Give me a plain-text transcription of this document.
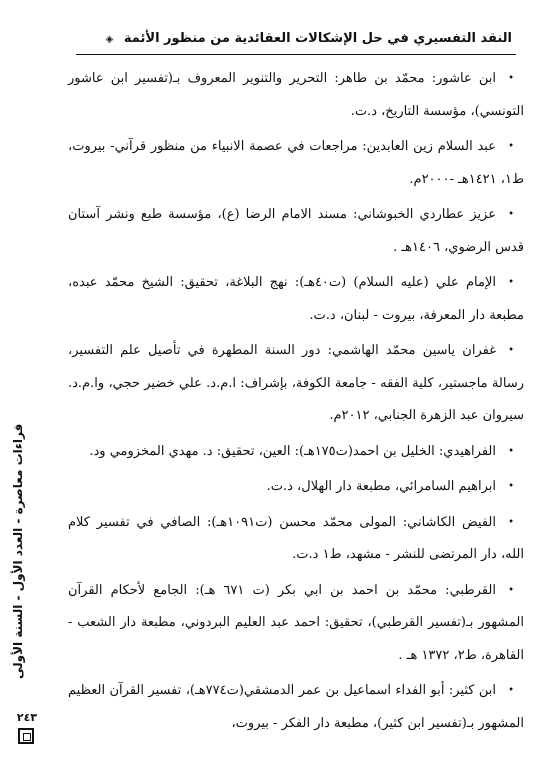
النقد التفسيري في حل الإشكالات العقائدية من منظور الأئمة ◈
•ابن عاشور: محمّد بن طاهر: التحرير والتنوير المعروف بـ(تفسير ابن عاشور التونسي)، مؤسسة التاريخ، د.ت.
•عبد السلام زين العابدين: مراجعات في عصمة الانبياء من منظور قرآني- بيروت، ط١، ١٤٢١هـ -٢٠٠٠م.
•عزيز عطاردي الخبوشاني: مسند الامام الرضا (ع)، مؤسسة طبع ونشر آستان قدس الرضوي، ١٤٠٦هـ .
•الإمام علي (عليه السلام) (ت٤٠هـ): نهج البلاغة، تحقيق: الشيخ محمّد عبده، مطبعة دار المعرفة، بيروت - لبنان، د.ت.
•غفران ياسين محمّد الهاشمي: دور السنة المطهرة في تأصيل علم التفسير، رسالة ماجستير، كلية الفقه - جامعة الكوفة، بإشراف: ا.م.د. علي خضير حجي، وا.م.د. سيروان عبد الزهرة الجنابي، ٢٠١٢م.
•الفراهيدي: الخليل بن احمد(ت١٧٥هـ): العين، تحقيق: د. مهدي المخزومي ود.
•ابراهيم السامرائي، مطبعة دار الهلال، د.ت.
•الفيض الكاشاني: المولى محمّد محسن (ت١٠٩١هـ): الصافي في تفسير كلام الله، دار المرتضى للنشر - مشهد، ط١ د.ت.
•القرطبي: محمّد بن احمد بن ابي بكر (ت ٦٧١ هـ): الجامع لأحكام القرآن المشهور بـ(تفسير القرطبي)، تحقيق: احمد عبد العليم البردوني، مطبعة دار الشعب - القاهرة، ط٢، ١٣٧٢ هـ .
•ابن كثير: أبو الفداء اسماعيل بن عمر الدمشقي(ت٧٧٤هـ)، تفسير القرآن العظيم المشهور بـ(تفسير ابن كثير)، مطبعة دار الفكر - بيروت،
قراءات معاصرة - العدد الأول - السنة الأولى
٢٤٣
